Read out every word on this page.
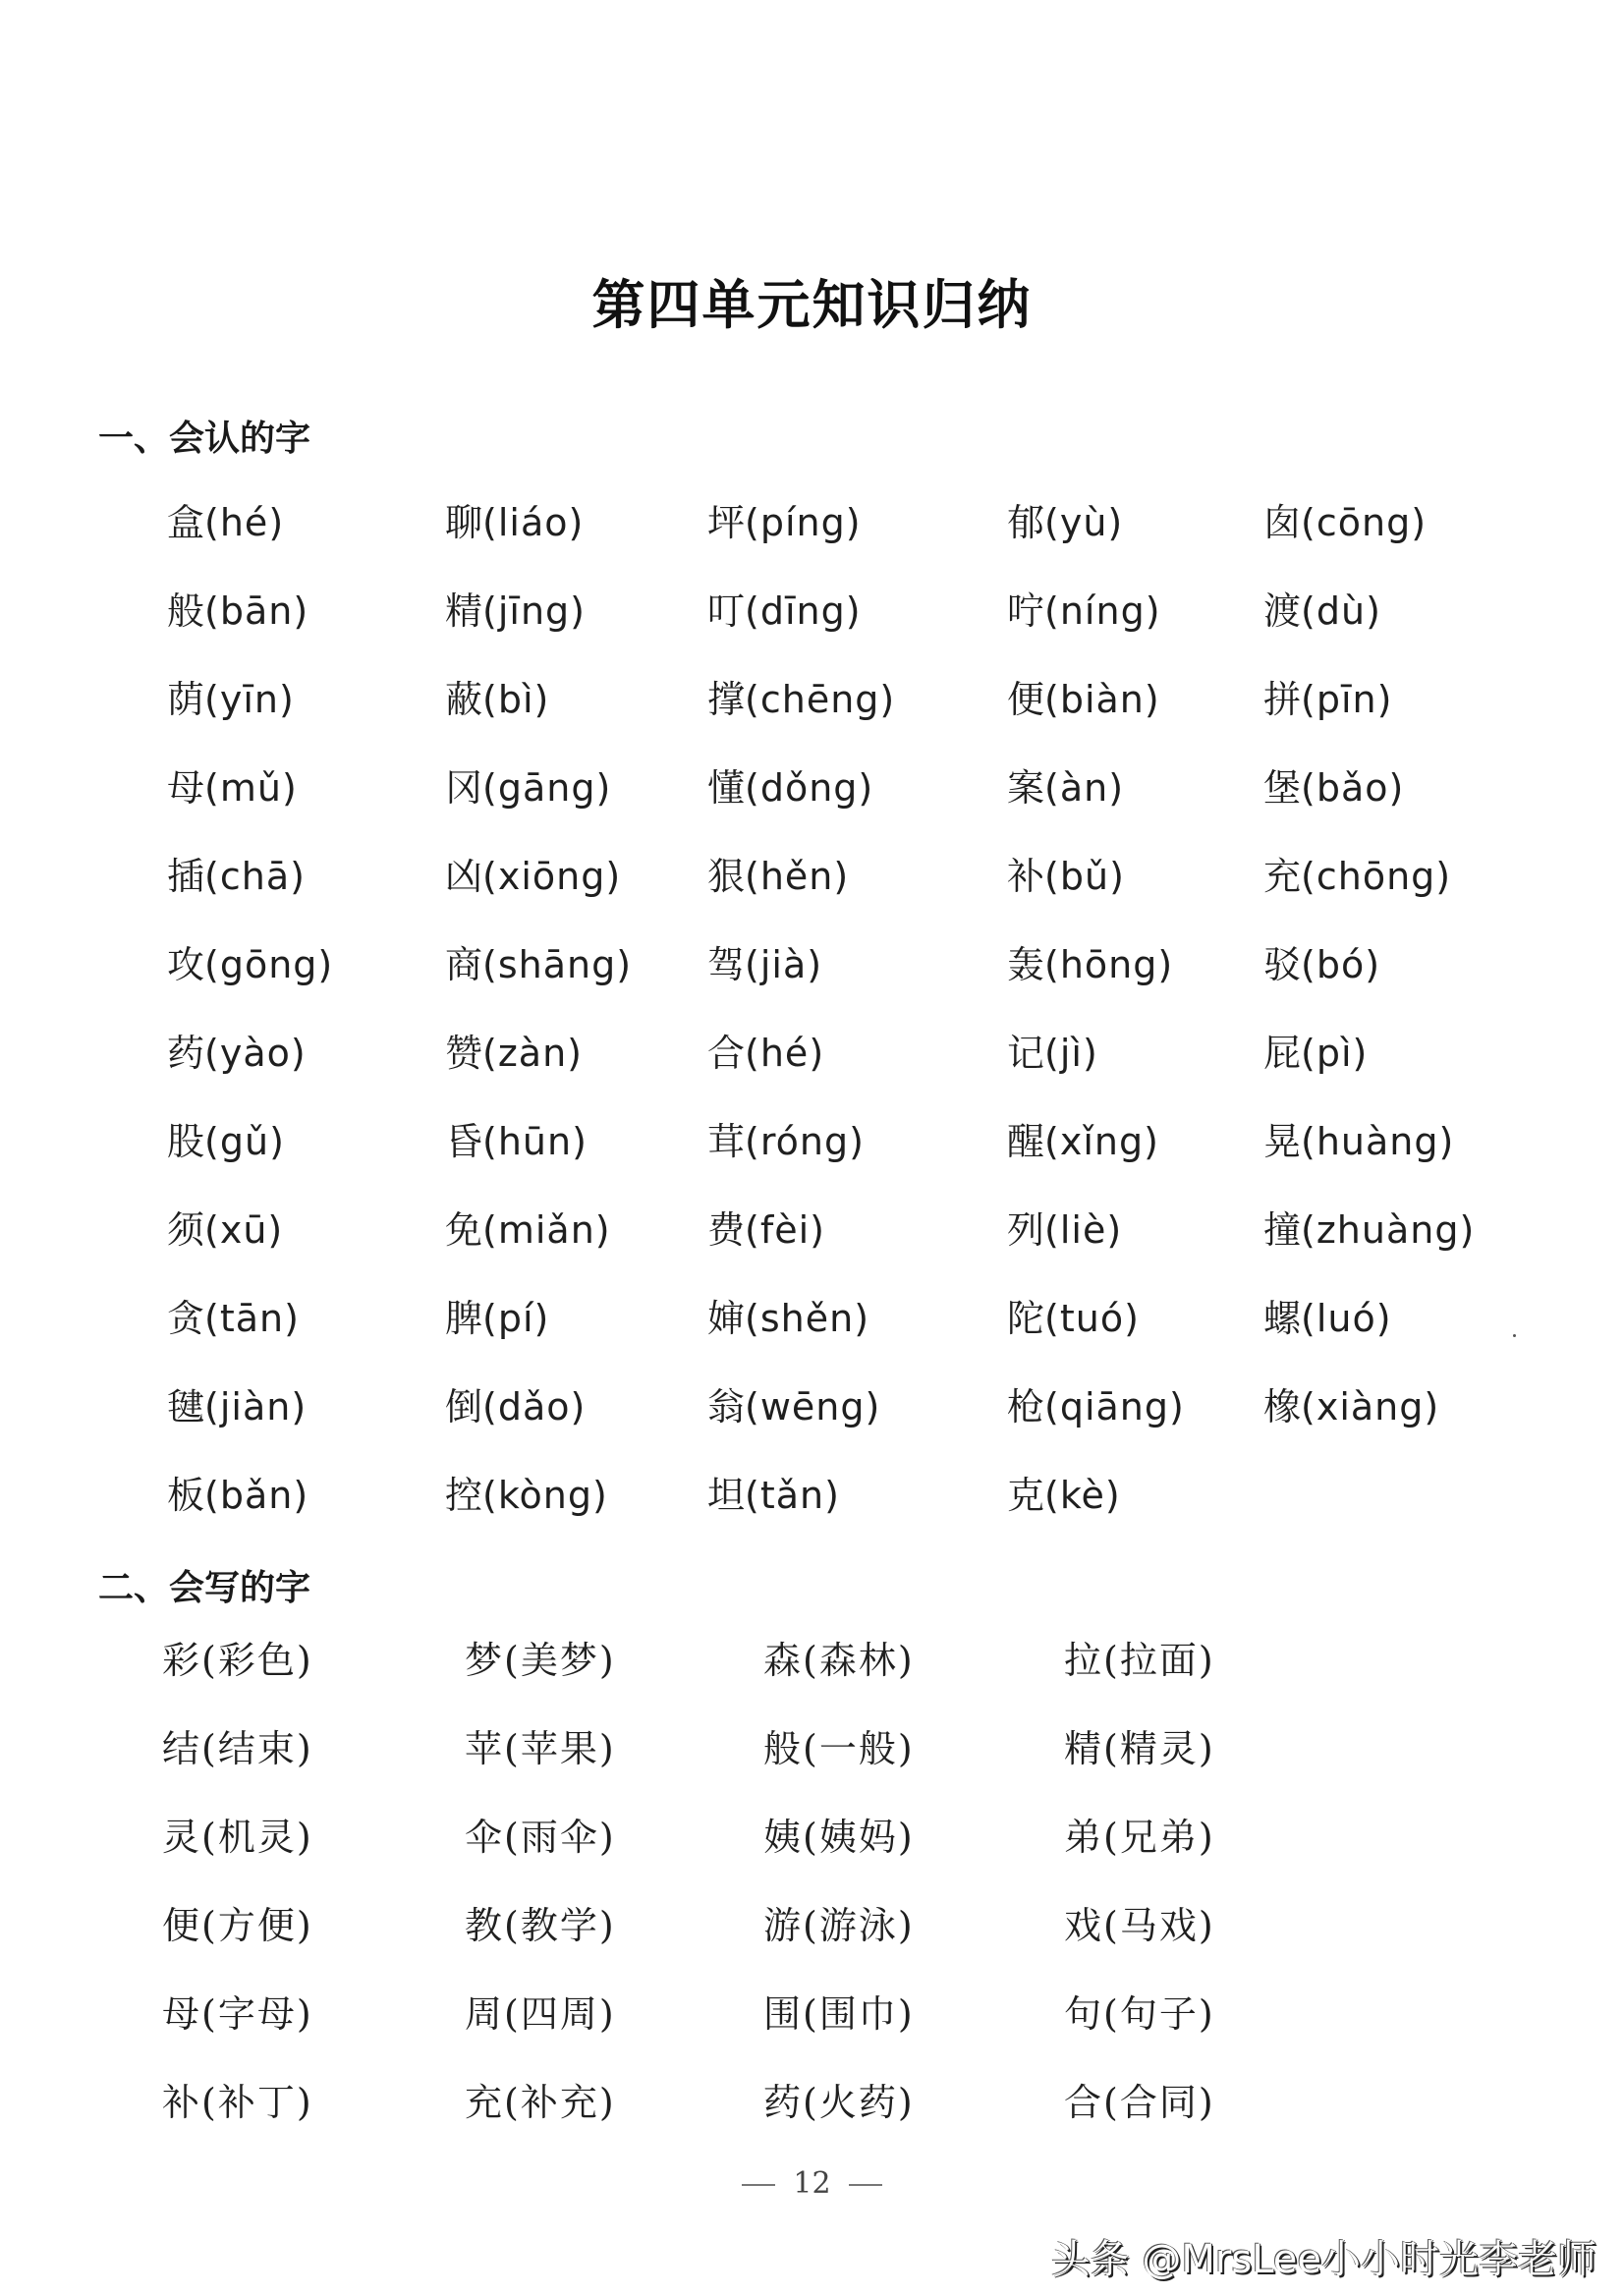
第四单元知识归纳
一、会认的字
盒(hé)	聊(liáo)	坪(píng)	郁(yù)	囱(cōng)
般(bān)	精(jīng)	叮(dīng)	咛(níng)	渡(dù)
荫(yīn)	蔽(bì)	撑(chēng)	便(biàn)	拼(pīn)
母(mǔ)	冈(gāng)	懂(dǒng)	案(àn)	堡(bǎo)
插(chā)	凶(xiōng) 狠(hěn)	补(bǔ)	充(chōng)
攻(gōng)	商(shāng) 驾(jià)	轰(hōng) 驳(bó)
药(yào)	赞(zàn)	合(hé)	记(jì)	屁(pì)
股(gǔ)	昏(hūn)	茸(róng)	醒(xǐng)	晃(huàng)
须(xū)	免(miǎn)	费(fèi)	列(liè)	撞(zhuàng)
贪(tān)	脾(pí)	婶(shěn)	陀(tuó)	螺(luó)
毽(jiàn)	倒(dǎo)	翁(wēng)	枪(qiāng) 橡(xiàng)
板(bǎn)	控(kòng)	坦(tǎn)	克(kè)
二、会写的字
彩(彩色)	梦(美梦)	森(森林)	拉(拉面)
结(结束)	苹(苹果)	般(一般)	精(精灵)
灵(机灵)	伞(雨伞)	姨(姨妈)	弟(兄弟)
便(方便)	教(教学)	游(游泳)	戏(马戏)
母(字母)	周(四周)	围(围巾)	句(句子)
补(补丁)	充(补充)	药(火药)	合(合同)
12
头条 @MrsLee小小时光李老师
